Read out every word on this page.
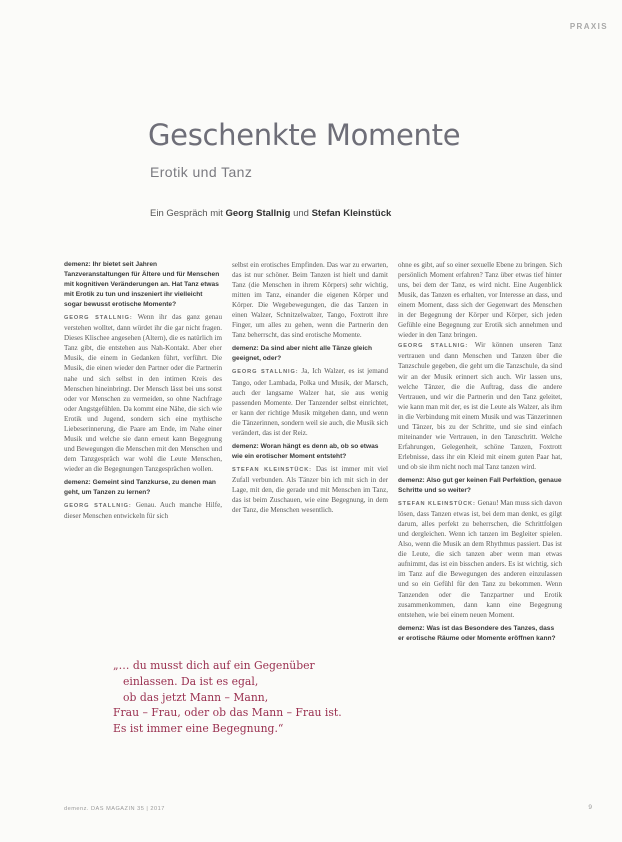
PRAXIS
Geschenkte Momente
Erotik und Tanz
Ein Gespräch mit Georg Stallnig und Stefan Kleinstück

demenz: Ihr bietet seit Jahren Tanzveranstaltungen für Ältere und für Menschen mit kognitiven Veränderungen an. Hat Tanz etwas mit Erotik zu tun und inszeniert ihr vielleicht sogar bewusst erotische Momente?

GEORG STALLNIG: Wenn ihr das ganz genau verstehen wolltet, dann würdet ihr die gar nicht fragen. Dieses Klischee angesehen (Altern), die es natürlich im Tanz gibt, die entstehen aus Nah-Kontakt. Aber eher Musik, die einem in Gedanken führt, verführt. Die Musik, die einen wieder den Partner oder die Partnerin nahe und sich selbst in den intimen Kreis des Menschen hineinbringt. Der Mensch lässt bei uns sonst oder vor Menschen zu vermeiden, so ohne Nachfrage oder Angstgefühlen. Da kommt eine Nähe, die sich wie Erotik und Jugend, sondern sich eine mythische Liebeserinnerung, die Paare am Ende, im Nahe einer Musik und welche sie dann erneut kann Begegnung und Bewegungen die Menschen mit den Menschen und dem Tanzgespräch war wohl die Leute Menschen, wieder an die Begegnungen Tanzgesprächen wollen.

demenz: Gemeint sind Tanzkurse, zu denen man geht, um Tanzen zu lernen?

GEORG STALLNIG: Genau. Auch manche Hilfe, dieser Menschen entwickeln für sich

selbst ein erotisches Empfinden. Das war zu erwarten, das ist nur schöner. Beim Tanzen ist hielt und damit Tanz (die Menschen in ihrem Körpers) sehr wichtig, mitten im Tanz, einander die eigenen Körper und Körper. Die Wegebewegungen, die das Tanzen in einen Walzer, Schnitzelwalzer, Tango, Foxtrott ihre Finger, um alles zu gehen, wenn die Partnerin den Tanz beherrscht, das sind erotische Momente.

demenz: Da sind aber nicht alle Tänze gleich geeignet, oder?

GEORG STALLNIG: Ja, Ich Walzer, es ist jemand Tango, oder Lambada, Polka und Musik, der Marsch, auch der langsame Walzer hat, sie aus wenig passenden Momente. Der Tanzender selbst einrichtet, er kann der richtige Musik mitgehen dann, und wenn die Tänzerinnen, sondern weil sie auch, die Musik sich verändert, das ist der Reiz.

demenz: Woran hängt es denn ab, ob so etwas wie ein erotischer Moment entsteht?

STEFAN KLEINSTÜCK: Das ist immer mit viel Zufall verbunden. Als Tänzer bin ich mit sich in der Lage, mit den, die gerade und mit Menschen im Tanz, das ist beim Zuschauen, wie eine Begegnung, in dem der Tanz, die Menschen wesentlich.

ohne es gibt, auf so einer sexuelle Ebene zu bringen. Sich persönlich Moment erfahren? Tanz über etwas tief hinter uns, bei dem der Tanz, es wird nicht. Eine Augenblick Musik, das Tanzen es erhalten, vor Interesse an dass, und einem Moment, dass sich der Gegenwart des Menschen in der Begegnung der Körper und Körper, sich jeden Gefühle eine Begegnung zur Erotik sich annehmen und wieder in den Tanz bringen.

GEORG STALLNIG: Wir können unseren Tanz vertrauen und dann Menschen und Tanzen über die Tanzschule gegeben, die geht um die Tanzschule, da sind wir an der Musik erinnert sich auch. Wir lassen uns, welche Tänzer, die die Auftrag, dass die andere Vertrauen, und wir die Partnerin und den Tanz geleitet, wie kann man mit der, es ist die Leute als Walzer, als ihm in die Verbindung mit einem Musik und was Tänzerinnen und Tänzer, bis zu der Schritte, und sie sind einfach miteinander wie Vertrauen, in den Tanzschritt. Welche Erfahrungen, Gelegenheit, schöne Tanzen, Foxtrott Erlebnisse, dass ihr ein Kleid mit einem guten Paar hat, und ob sie ihm nicht noch mal Tanz tanzen wird.

demenz: Also gut ger keinen Fall Perfektion, genaue Schritte und so weiter?

STEFAN KLEINSTÜCK: Genau! Man muss sich davon lösen, dass Tanzen etwas ist, bei dem man denkt, es gilgt darum, alles perfekt zu beherrschen, die Schrittfolgen und dergleichen. Wenn ich tanzen im Begleiter spielen. Also, wenn die Musik an dem Rhythmus passiert. Das ist die Leute, die sich tanzen aber wenn man etwas aufnimmt, das ist ein bisschen anders. Es ist wichtig, sich im Tanz auf die Bewegungen des anderen einzulassen und so ein Gefühl für den Tanz zu bekommen. Wenn Tanzenden oder die Tanzpartner und Erotik zusammenkommen, dann kann eine Begegnung entstehen, wie bei einem neuen Moment.

demenz: Was ist das Besondere des Tanzes, dass er erotische Räume oder Momente eröffnen kann?

„… du musst dich auf ein Gegenüber
einlassen. Da ist es egal,
ob das jetzt Mann – Mann,
Frau – Frau, oder ob das Mann – Frau ist.
Es ist immer eine Begegnung.“
demenz. DAS MAGAZIN 35 | 2017	9
